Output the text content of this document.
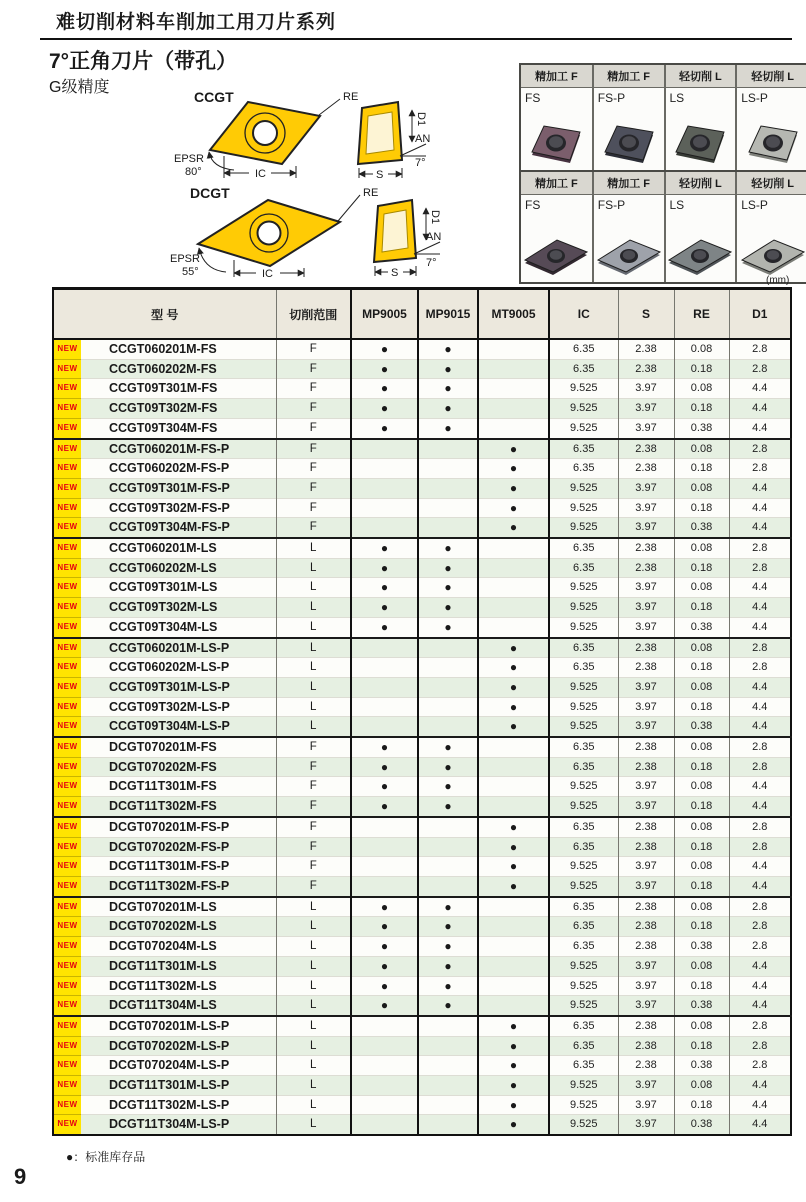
难切削材料车削加工用刀片系列
7°正角刀片（带孔）
G级精度
CCGT	RE
EPSR
80°	IC
D1
S
AN
7°
DCGT	RE
EPSR
55°	IC
D1
S
AN
7°
精加工 F	精加工 F	轻切削 L	轻切削 L
FS	FS-P	LS	LS-P
精加工 F	精加工 F	轻切削 L	轻切削 L
FS	FS-P	LS	LS-P
(mm)
型 号		切削范围	MP9005	MP9015	MT9005	IC	S	RE	D1

NEW	CCGT060201M-FS	F	●	●		6.35	2.38	0.08	2.8

NEW	CCGT060202M-FS	F	●	●		6.35	2.38	0.18	2.8

NEW	CCGT09T301M-FS	F	●	●		9.525	3.97	0.08	4.4

NEW	CCGT09T302M-FS	F	●	●		9.525	3.97	0.18	4.4

NEW	CCGT09T304M-FS	F	●	●		9.525	3.97	0.38	4.4

NEW	CCGT060201M-FS-P	F			●	6.35	2.38	0.08	2.8

NEW	CCGT060202M-FS-P	F			●	6.35	2.38	0.18	2.8

NEW	CCGT09T301M-FS-P	F			●	9.525	3.97	0.08	4.4

NEW	CCGT09T302M-FS-P	F			●	9.525	3.97	0.18	4.4

NEW	CCGT09T304M-FS-P	F			●	9.525	3.97	0.38	4.4

NEW	CCGT060201M-LS	L	●	●		6.35	2.38	0.08	2.8

NEW	CCGT060202M-LS	L	●	●		6.35	2.38	0.18	2.8

NEW	CCGT09T301M-LS	L	●	●		9.525	3.97	0.08	4.4

NEW	CCGT09T302M-LS	L	●	●		9.525	3.97	0.18	4.4

NEW	CCGT09T304M-LS	L	●	●		9.525	3.97	0.38	4.4

NEW	CCGT060201M-LS-P	L			●	6.35	2.38	0.08	2.8

NEW	CCGT060202M-LS-P	L			●	6.35	2.38	0.18	2.8

NEW	CCGT09T301M-LS-P	L			●	9.525	3.97	0.08	4.4

NEW	CCGT09T302M-LS-P	L			●	9.525	3.97	0.18	4.4

NEW	CCGT09T304M-LS-P	L			●	9.525	3.97	0.38	4.4

NEW	DCGT070201M-FS	F	●	●		6.35	2.38	0.08	2.8

NEW	DCGT070202M-FS	F	●	●		6.35	2.38	0.18	2.8

NEW	DCGT11T301M-FS	F	●	●		9.525	3.97	0.08	4.4

NEW	DCGT11T302M-FS	F	●	●		9.525	3.97	0.18	4.4

NEW	DCGT070201M-FS-P	F			●	6.35	2.38	0.08	2.8

NEW	DCGT070202M-FS-P	F			●	6.35	2.38	0.18	2.8

NEW	DCGT11T301M-FS-P	F			●	9.525	3.97	0.08	4.4

NEW	DCGT11T302M-FS-P	F			●	9.525	3.97	0.18	4.4

NEW	DCGT070201M-LS	L	●	●		6.35	2.38	0.08	2.8

NEW	DCGT070202M-LS	L	●	●		6.35	2.38	0.18	2.8

NEW	DCGT070204M-LS	L	●	●		6.35	2.38	0.38	2.8

NEW	DCGT11T301M-LS	L	●	●		9.525	3.97	0.08	4.4

NEW	DCGT11T302M-LS	L	●	●		9.525	3.97	0.18	4.4

NEW	DCGT11T304M-LS	L	●	●		9.525	3.97	0.38	4.4

NEW	DCGT070201M-LS-P	L			●	6.35	2.38	0.08	2.8

NEW	DCGT070202M-LS-P	L			●	6.35	2.38	0.18	2.8

NEW	DCGT070204M-LS-P	L			●	6.35	2.38	0.38	2.8

NEW	DCGT11T301M-LS-P	L			●	9.525	3.97	0.08	4.4

NEW	DCGT11T302M-LS-P	L			●	9.525	3.97	0.18	4.4

NEW	DCGT11T304M-LS-P	L			●	9.525	3.97	0.38	4.4
●：标准库存品
9
